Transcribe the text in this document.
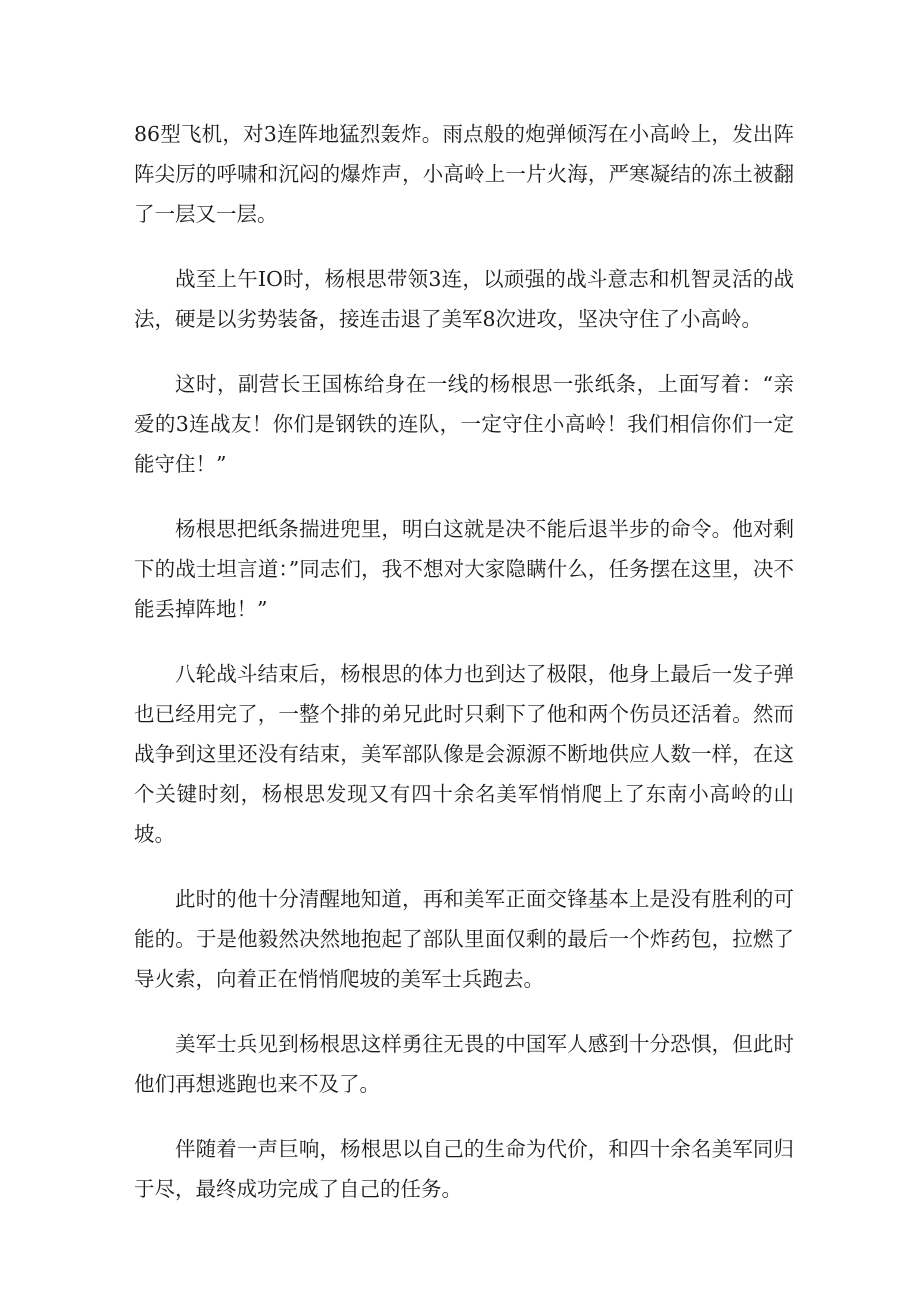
86型飞机，对3连阵地猛烈轰炸。雨点般的炮弹倾泻在小高岭上，发出阵阵尖厉的呼啸和沉闷的爆炸声，小高岭上一片火海，严寒凝结的冻土被翻了一层又一层。

战至上午IO时，杨根思带领3连，以顽强的战斗意志和机智灵活的战法，硬是以劣势装备，接连击退了美军8次进攻，坚决守住了小高岭。

这时，副营长王国栋给身在一线的杨根思一张纸条，上面写着：“亲爱的3连战友！你们是钢铁的连队，一定守住小高岭！我们相信你们一定能守住！”

杨根思把纸条揣进兜里，明白这就是决不能后退半步的命令。他对剩下的战士坦言道：”同志们，我不想对大家隐瞒什么，任务摆在这里，决不能丢掉阵地！”

八轮战斗结束后，杨根思的体力也到达了极限，他身上最后一发子弹也已经用完了，一整个排的弟兄此时只剩下了他和两个伤员还活着。然而战争到这里还没有结束，美军部队像是会源源不断地供应人数一样，在这个关键时刻，杨根思发现又有四十余名美军悄悄爬上了东南小高岭的山坡。

此时的他十分清醒地知道，再和美军正面交锋基本上是没有胜利的可能的。于是他毅然决然地抱起了部队里面仅剩的最后一个炸药包，拉燃了导火索，向着正在悄悄爬坡的美军士兵跑去。

美军士兵见到杨根思这样勇往无畏的中国军人感到十分恐惧，但此时他们再想逃跑也来不及了。

伴随着一声巨响，杨根思以自己的生命为代价，和四十余名美军同归于尽，最终成功完成了自己的任务。
